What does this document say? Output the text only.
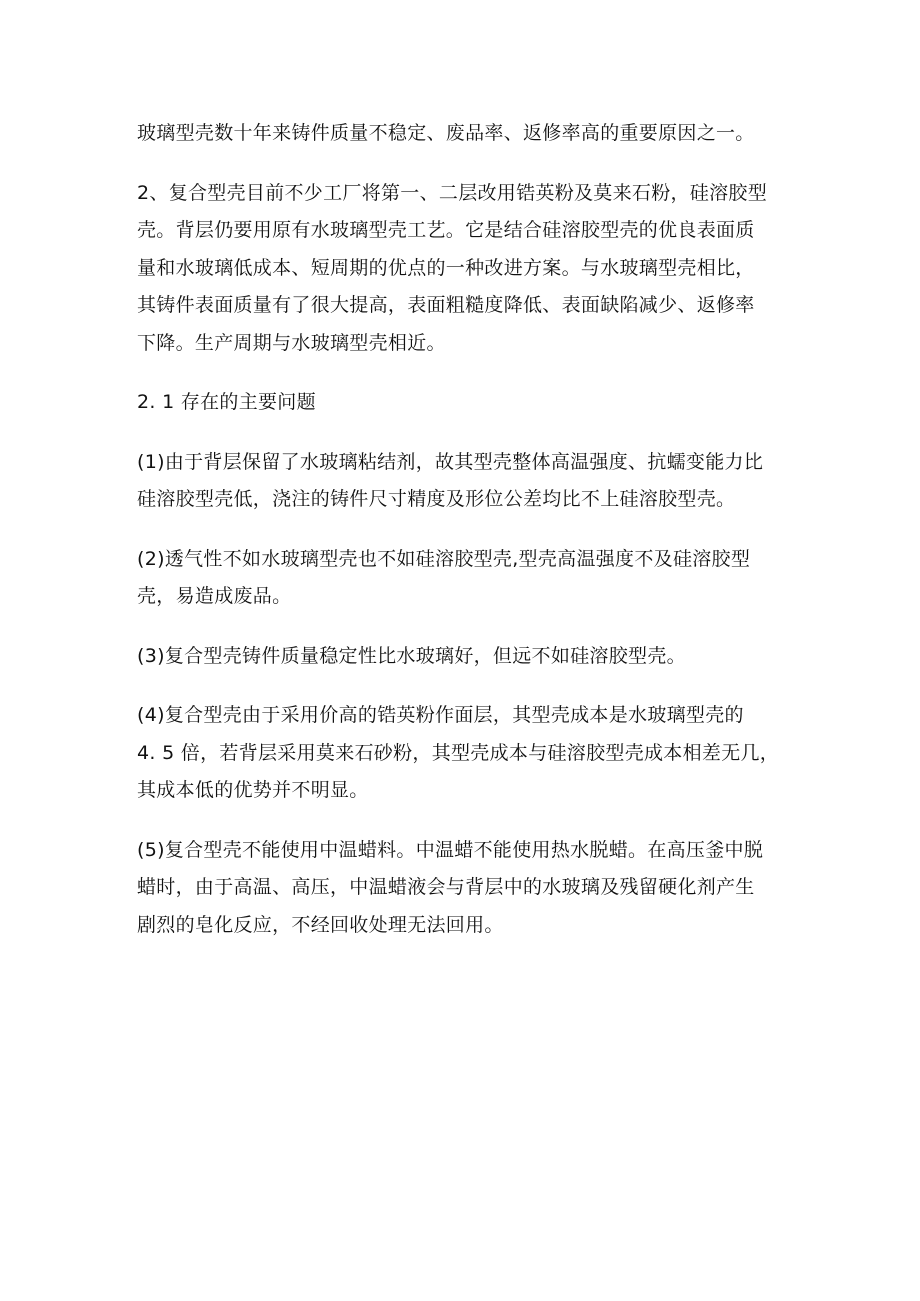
玻璃型壳数十年来铸件质量不稳定、废品率、返修率高的重要原因之一。

2、复合型壳目前不少工厂将第一、二层改用锆英粉及莫来石粉，硅溶胶型
壳。背层仍要用原有水玻璃型壳工艺。它是结合硅溶胶型壳的优良表面质
量和水玻璃低成本、短周期的优点的一种改进方案。与水玻璃型壳相比，
其铸件表面质量有了很大提高，表面粗糙度降低、表面缺陷减少、返修率
下降。生产周期与水玻璃型壳相近。

2. 1 存在的主要问题

(1)由于背层保留了水玻璃粘结剂，故其型壳整体高温强度、抗蠕变能力比
硅溶胶型壳低，浇注的铸件尺寸精度及形位公差均比不上硅溶胶型壳。

(2)透气性不如水玻璃型壳也不如硅溶胶型壳,型壳高温强度不及硅溶胶型
壳，易造成废品。

(3)复合型壳铸件质量稳定性比水玻璃好，但远不如硅溶胶型壳。

(4)复合型壳由于采用价高的锆英粉作面层，其型壳成本是水玻璃型壳的
4. 5 倍，若背层采用莫来石砂粉，其型壳成本与硅溶胶型壳成本相差无几，
其成本低的优势并不明显。

(5)复合型壳不能使用中温蜡料。中温蜡不能使用热水脱蜡。在高压釜中脱
蜡时，由于高温、高压，中温蜡液会与背层中的水玻璃及残留硬化剂产生
剧烈的皂化反应，不经回收处理无法回用。
